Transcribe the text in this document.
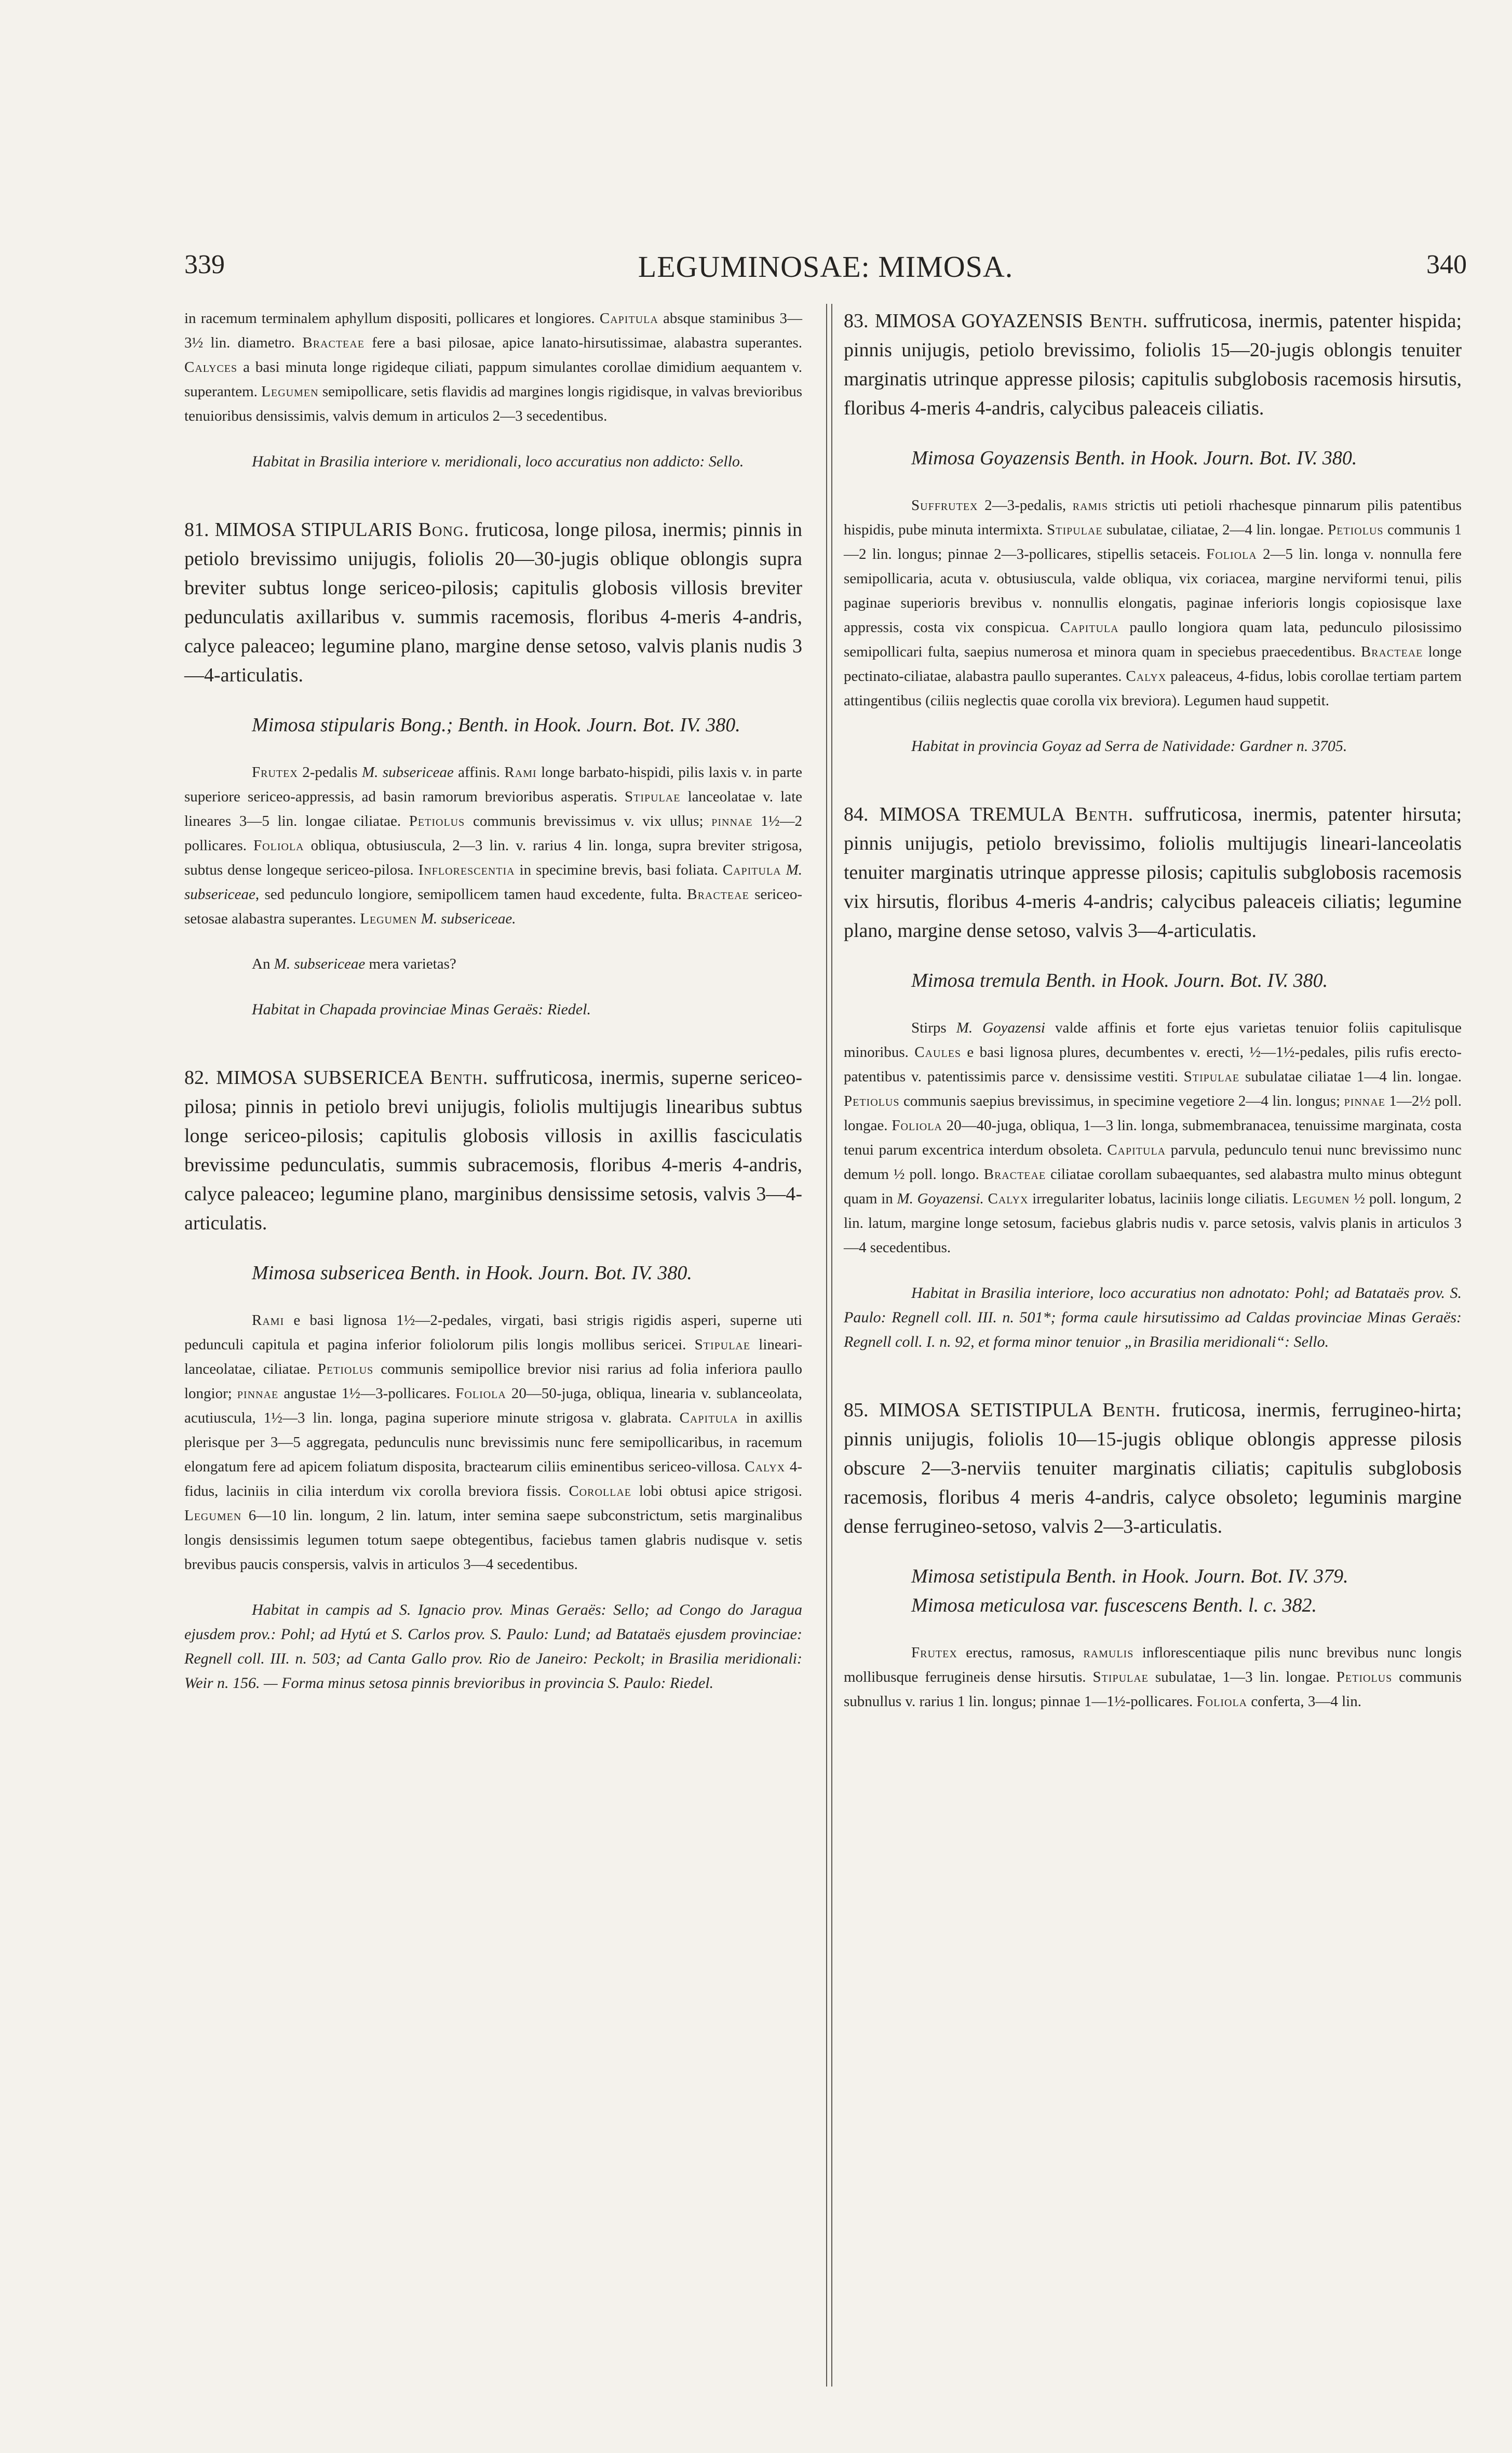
339	LEGUMINOSAE: MIMOSA.	340

in racemum terminalem aphyllum dispositi, pollicares et longiores. Capitula absque staminibus 3—3½ lin. diametro. Bracteae fere a basi pilosae, apice lanato-hirsutissimae, alabastra superantes. Calyces a basi minuta longe rigideque ciliati, pappum simulantes corollae dimidium aequantem v. superantem. Legumen semipollicare, setis flavidis ad margines longis rigidisque, in valvas brevioribus tenuioribus densissimis, valvis demum in articulos 2—3 secedentibus.

Habitat in Brasilia interiore v. meridionali, loco accuratius non addicto: Sello.

81. MIMOSA STIPULARIS Bong. fruticosa, longe pilosa, inermis; pinnis in petiolo brevissimo unijugis, foliolis 20—30-jugis oblique oblongis supra breviter subtus longe sericeo-pilosis; capitulis globosis villosis breviter pedunculatis axillaribus v. summis racemosis, floribus 4-meris 4-andris, calyce paleaceo; legumine plano, margine dense setoso, valvis planis nudis 3—4-articulatis.

Mimosa stipularis Bong.; Benth. in Hook. Journ. Bot. IV. 380.

Frutex 2-pedalis M. subsericeae affinis. Rami longe barbato-hispidi, pilis laxis v. in parte superiore sericeo-appressis, ad basin ramorum brevioribus asperatis. Stipulae lanceolatae v. late lineares 3—5 lin. longae ciliatae. Petiolus communis brevissimus v. vix ullus; pinnae 1½—2 pollicares. Foliola obliqua, obtusiuscula, 2—3 lin. v. rarius 4 lin. longa, supra breviter strigosa, subtus dense longeque sericeo-pilosa. Inflorescentia in specimine brevis, basi foliata. Capitula M. subsericeae, sed pedunculo longiore, semipollicem tamen haud excedente, fulta. Bracteae sericeo-setosae alabastra superantes. Legumen M. subsericeae.

An M. subsericeae mera varietas?

Habitat in Chapada provinciae Minas Geraës: Riedel.

82. MIMOSA SUBSERICEA Benth. suffruticosa, inermis, superne sericeo-pilosa; pinnis in petiolo brevi unijugis, foliolis multijugis linearibus subtus longe sericeo-pilosis; capitulis globosis villosis in axillis fasciculatis brevissime pedunculatis, summis subracemosis, floribus 4-meris 4-andris, calyce paleaceo; legumine plano, marginibus densissime setosis, valvis 3—4-articulatis.

Mimosa subsericea Benth. in Hook. Journ. Bot. IV. 380.

Rami e basi lignosa 1½—2-pedales, virgati, basi strigis rigidis asperi, superne uti pedunculi capitula et pagina inferior foliolorum pilis longis mollibus sericei. Stipulae lineari-lanceolatae, ciliatae. Petiolus communis semipollice brevior nisi rarius ad folia inferiora paullo longior; pinnae angustae 1½—3-pollicares. Foliola 20—50-juga, obliqua, linearia v. sublanceolata, acutiuscula, 1½—3 lin. longa, pagina superiore minute strigosa v. glabrata. Capitula in axillis plerisque per 3—5 aggregata, pedunculis nunc brevissimis nunc fere semipollicaribus, in racemum elongatum fere ad apicem foliatum disposita, bractearum ciliis eminentibus sericeo-villosa. Calyx 4-fidus, laciniis in cilia interdum vix corolla breviora fissis. Corollae lobi obtusi apice strigosi. Legumen 6—10 lin. longum, 2 lin. latum, inter semina saepe subconstrictum, setis marginalibus longis densissimis legumen totum saepe obtegentibus, faciebus tamen glabris nudisque v. setis brevibus paucis conspersis, valvis in articulos 3—4 secedentibus.

Habitat in campis ad S. Ignacio prov. Minas Geraës: Sello; ad Congo do Jaragua ejusdem prov.: Pohl; ad Hytú et S. Carlos prov. S. Paulo: Lund; ad Batataës ejusdem provinciae: Regnell coll. III. n. 503; ad Canta Gallo prov. Rio de Janeiro: Peckolt; in Brasilia meridionali: Weir n. 156. — Forma minus setosa pinnis brevioribus in provincia S. Paulo: Riedel.

83. MIMOSA GOYAZENSIS Benth. suffruticosa, inermis, patenter hispida; pinnis unijugis, petiolo brevissimo, foliolis 15—20-jugis oblongis tenuiter marginatis utrinque appresse pilosis; capitulis subglobosis racemosis hirsutis, floribus 4-meris 4-andris, calycibus paleaceis ciliatis.

Mimosa Goyazensis Benth. in Hook. Journ. Bot. IV. 380.

Suffrutex 2—3-pedalis, ramis strictis uti petioli rhachesque pinnarum pilis patentibus hispidis, pube minuta intermixta. Stipulae subulatae, ciliatae, 2—4 lin. longae. Petiolus communis 1—2 lin. longus; pinnae 2—3-pollicares, stipellis setaceis. Foliola 2—5 lin. longa v. nonnulla fere semipollicaria, acuta v. obtusiuscula, valde obliqua, vix coriacea, margine nerviformi tenui, pilis paginae superioris brevibus v. nonnullis elongatis, paginae inferioris longis copiosisque laxe appressis, costa vix conspicua. Capitula paullo longiora quam lata, pedunculo pilosissimo semipollicari fulta, saepius numerosa et minora quam in speciebus praecedentibus. Bracteae longe pectinato-ciliatae, alabastra paullo superantes. Calyx paleaceus, 4-fidus, lobis corollae tertiam partem attingentibus (ciliis neglectis quae corolla vix breviora). Legumen haud suppetit.

Habitat in provincia Goyaz ad Serra de Natividade: Gardner n. 3705.

84. MIMOSA TREMULA Benth. suffruticosa, inermis, patenter hirsuta; pinnis unijugis, petiolo brevissimo, foliolis multijugis lineari-lanceolatis tenuiter marginatis utrinque appresse pilosis; capitulis subglobosis racemosis vix hirsutis, floribus 4-meris 4-andris; calycibus paleaceis ciliatis; legumine plano, margine dense setoso, valvis 3—4-articulatis.

Mimosa tremula Benth. in Hook. Journ. Bot. IV. 380.

Stirps M. Goyazensi valde affinis et forte ejus varietas tenuior foliis capitulisque minoribus. Caules e basi lignosa plures, decumbentes v. erecti, ½—1½-pedales, pilis rufis erecto-patentibus v. patentissimis parce v. densissime vestiti. Stipulae subulatae ciliatae 1—4 lin. longae. Petiolus communis saepius brevissimus, in specimine vegetiore 2—4 lin. longus; pinnae 1—2½ poll. longae. Foliola 20—40-juga, obliqua, 1—3 lin. longa, submembranacea, tenuissime marginata, costa tenui parum excentrica interdum obsoleta. Capitula parvula, pedunculo tenui nunc brevissimo nunc demum ½ poll. longo. Bracteae ciliatae corollam subaequantes, sed alabastra multo minus obtegunt quam in M. Goyazensi. Calyx irregulariter lobatus, laciniis longe ciliatis. Legumen ½ poll. longum, 2 lin. latum, margine longe setosum, faciebus glabris nudis v. parce setosis, valvis planis in articulos 3—4 secedentibus.

Habitat in Brasilia interiore, loco accuratius non adnotato: Pohl; ad Batataës prov. S. Paulo: Regnell coll. III. n. 501*; forma caule hirsutissimo ad Caldas provinciae Minas Geraës: Regnell coll. I. n. 92, et forma minor tenuior „in Brasilia meridionali“: Sello.

85. MIMOSA SETISTIPULA Benth. fruticosa, inermis, ferrugineo-hirta; pinnis unijugis, foliolis 10—15-jugis oblique oblongis appresse pilosis obscure 2—3-nerviis tenuiter marginatis ciliatis; capitulis subglobosis racemosis, floribus 4 meris 4-andris, calyce obsoleto; leguminis margine dense ferrugineo-setoso, valvis 2—3-articulatis.

Mimosa setistipula Benth. in Hook. Journ. Bot. IV. 379.

Mimosa meticulosa var. fuscescens Benth. l. c. 382.

Frutex erectus, ramosus, ramulis inflorescentiaque pilis nunc brevibus nunc longis mollibusque ferrugineis dense hirsutis. Stipulae subulatae, 1—3 lin. longae. Petiolus communis subnullus v. rarius 1 lin. longus; pinnae 1—1½-pollicares. Foliola conferta, 3—4 lin.
